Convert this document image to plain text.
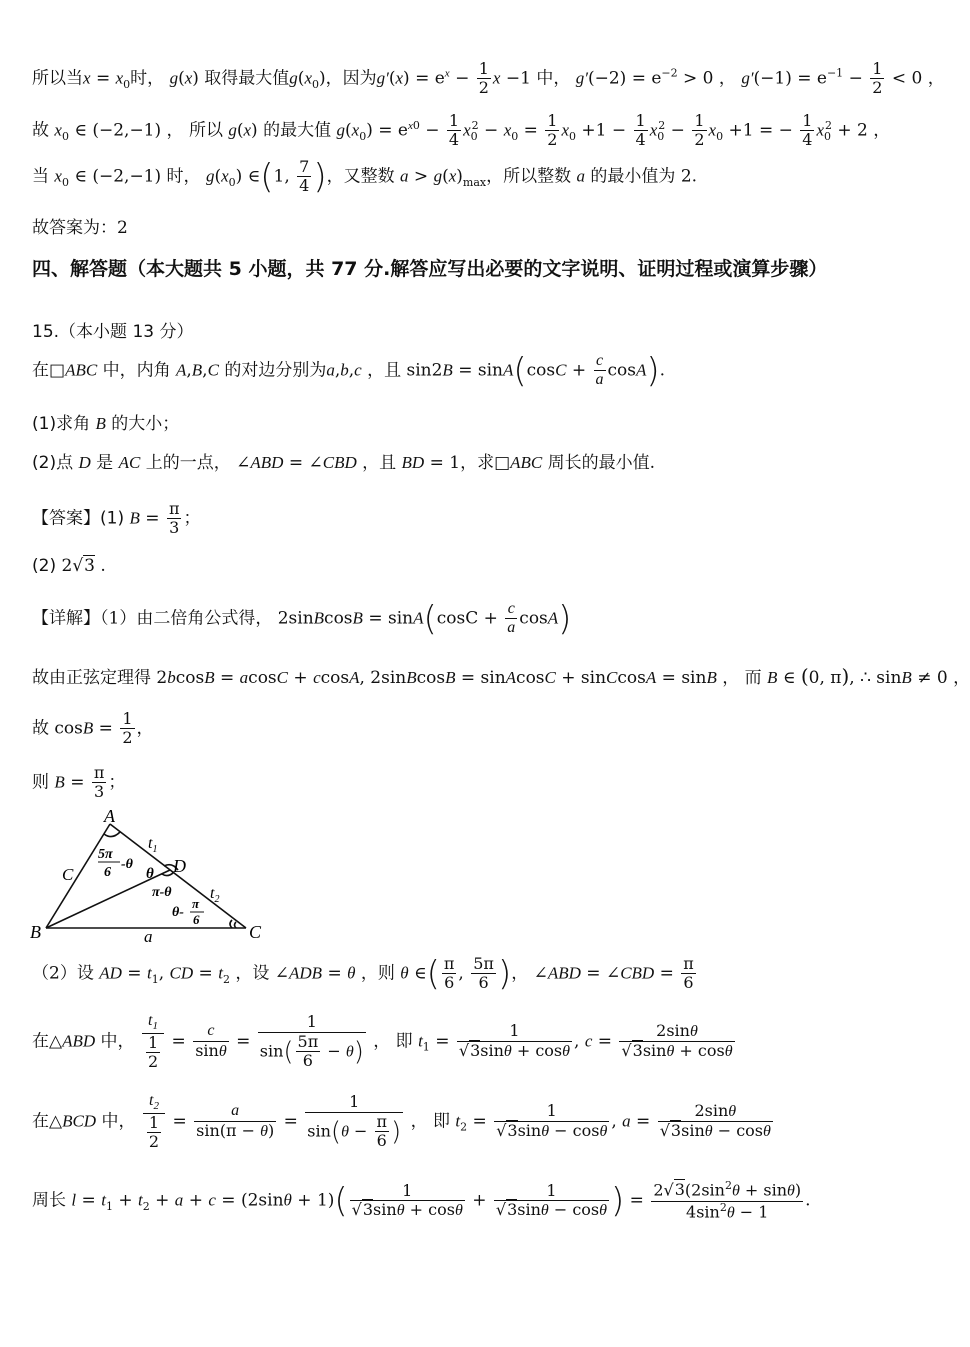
所以当$x = x_0$时， g(x) 取得最大值$g(x_0)$，因为$g'(x) = e^x - \frac{1}{2}$ x −1 中， $g'(-2) = e^{-2} > 0$ ， $g'(-1) = e^{-1} - \frac{1}{2} < 0$ ，
故 $x_0$ ∈ (−2,−1) ， 所以 g(x) 的最大值 $g(x_0) = e^{x0} - \frac{1}{4} x_0^2 - x_0 = \frac{1}{2} x_0 +1 - \frac{1}{4} x_0^2 - \frac{1}{2} x_0 +1$ = − $\frac{1}{4} x_0^2 + 2$ ，
当 $x_0$ ∈ (−2,−1) 时， $g(x_0)$ ∈(1, $\frac{7}{4}$ )，又整数 $a > g(x)_{max}$，所以整数 a 的最小值为 2.
故答案为：2
四、解答题（本大题共 5 小题，共 77 分.解答应写出必要的文字说明、证明过程或演算步骤）
15.（本小题 13 分）
在□ABC 中，内角 A,B,C 的对边分别为a,b,c ，且 $\sin 2B = \sin A(\cos C + \frac{c}{a} \cos A)$.
(1)求角 B 的大小；
(2)点 D 是 AC 上的一点， ∠ABD = ∠CBD ，且 BD = 1，求□ABC 周长的最小值.
【答案】(1) $B = \frac{\pi}{3}$ ；
(2) 2√3 .
【详解】（1）由二倍角公式得， 2sinBcosB = $\sin A(\cos C + \frac{c}{a} \cos A)$
故由正弦定理得 2bcosB = acosC + ccosA, 2sinBcosB = sinAcosC + sinCcosA = sinB ， 而 B ∈ (0, π), ∴ sinB ≠ 0 ，
故 $\cos B = \frac{1}{2}$ ，
则 $B = \frac{\pi}{3}$ ；
A
B	C
D
C
a
$t_1$
$t_2$
5π
6
-θ
θ
π-θ
θ-
π
6
（2）设 AD = $t_1$, CD = $t_2$ ，设 ∠ADB = θ ，则 θ ∈( $\frac{\pi}{6}$ , $\frac{5\pi}{6}$ )， ∠ABD = ∠CBD = $\frac{\pi}{6}$
在△ABD 中， $\frac{t_1}{\frac{1}{2}} = \frac{c}{\sin\theta} = \frac{1}{\sin( \frac{5\pi}{6} - \theta)}$ ， 即 $t_1 = \frac{1}{√3\sin\theta + \cos\theta}$ , $c = \frac{2\sin\theta}{√3\sin\theta + \cos\theta}$
在△BCD 中， $\frac{t_2}{\frac{1}{2}} = \frac{a}{\sin(\pi - \theta)} = \frac{1}{\sin(\theta - \frac{\pi}{6} )}$ ， 即 $t_2 = \frac{1}{√3\sin\theta - \cos\theta}$ , $a = \frac{2\sin\theta}{√3\sin\theta - \cos\theta}$
周长 $l = t_1 + t_2 + a + c = (2\sin\theta + 1)( \frac{1}{√3\sin\theta + \cos\theta} + \frac{1}{√3\sin\theta - \cos\theta}$ ) = $\frac{2√3(2\sin^2\theta + \sin\theta)}{4\sin^2\theta - 1}$ .
